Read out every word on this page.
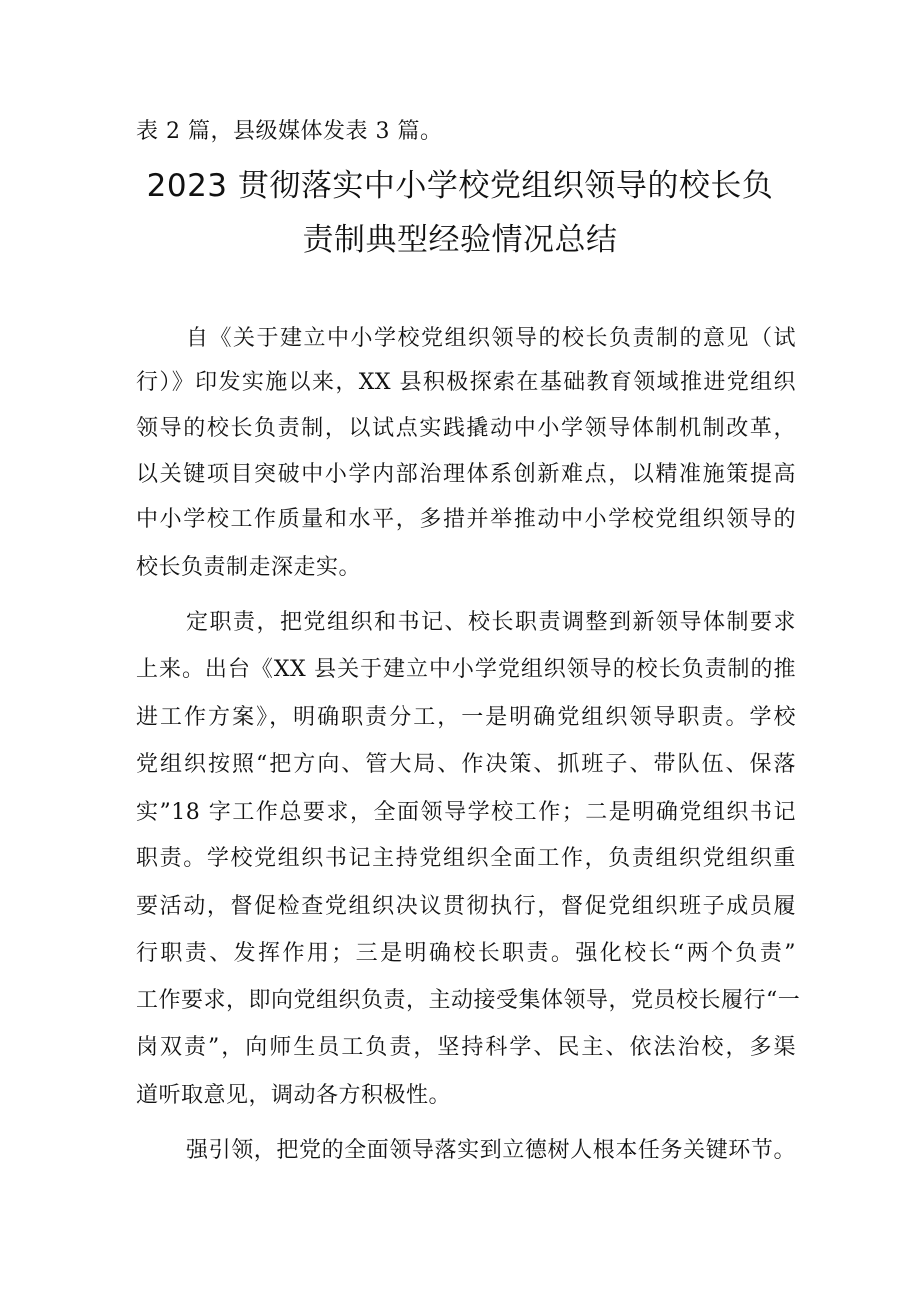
表 2 篇，县级媒体发表 3 篇。
2023 贯彻落实中小学校党组织领导的校长负
责制典型经验情况总结
自《关于建立中小学校党组织领导的校长负责制的意见（试
行）》印发实施以来，XX 县积极探索在基础教育领域推进党组织
领导的校长负责制，以试点实践撬动中小学领导体制机制改革，
以关键项目突破中小学内部治理体系创新难点，以精准施策提高
中小学校工作质量和水平，多措并举推动中小学校党组织领导的
校长负责制走深走实。
定职责，把党组织和书记、校长职责调整到新领导体制要求
上来。出台《XX 县关于建立中小学党组织领导的校长负责制的推
进工作方案》，明确职责分工，一是明确党组织领导职责。学校
党组织按照“把方向、管大局、作决策、抓班子、带队伍、保落
实”18 字工作总要求，全面领导学校工作；二是明确党组织书记
职责。学校党组织书记主持党组织全面工作，负责组织党组织重
要活动，督促检查党组织决议贯彻执行，督促党组织班子成员履
行职责、发挥作用；三是明确校长职责。强化校长“两个负责”
工作要求，即向党组织负责，主动接受集体领导，党员校长履行“一
岗双责”，向师生员工负责，坚持科学、民主、依法治校，多渠
道听取意见，调动各方积极性。
强引领，把党的全面领导落实到立德树人根本任务关键环节。
